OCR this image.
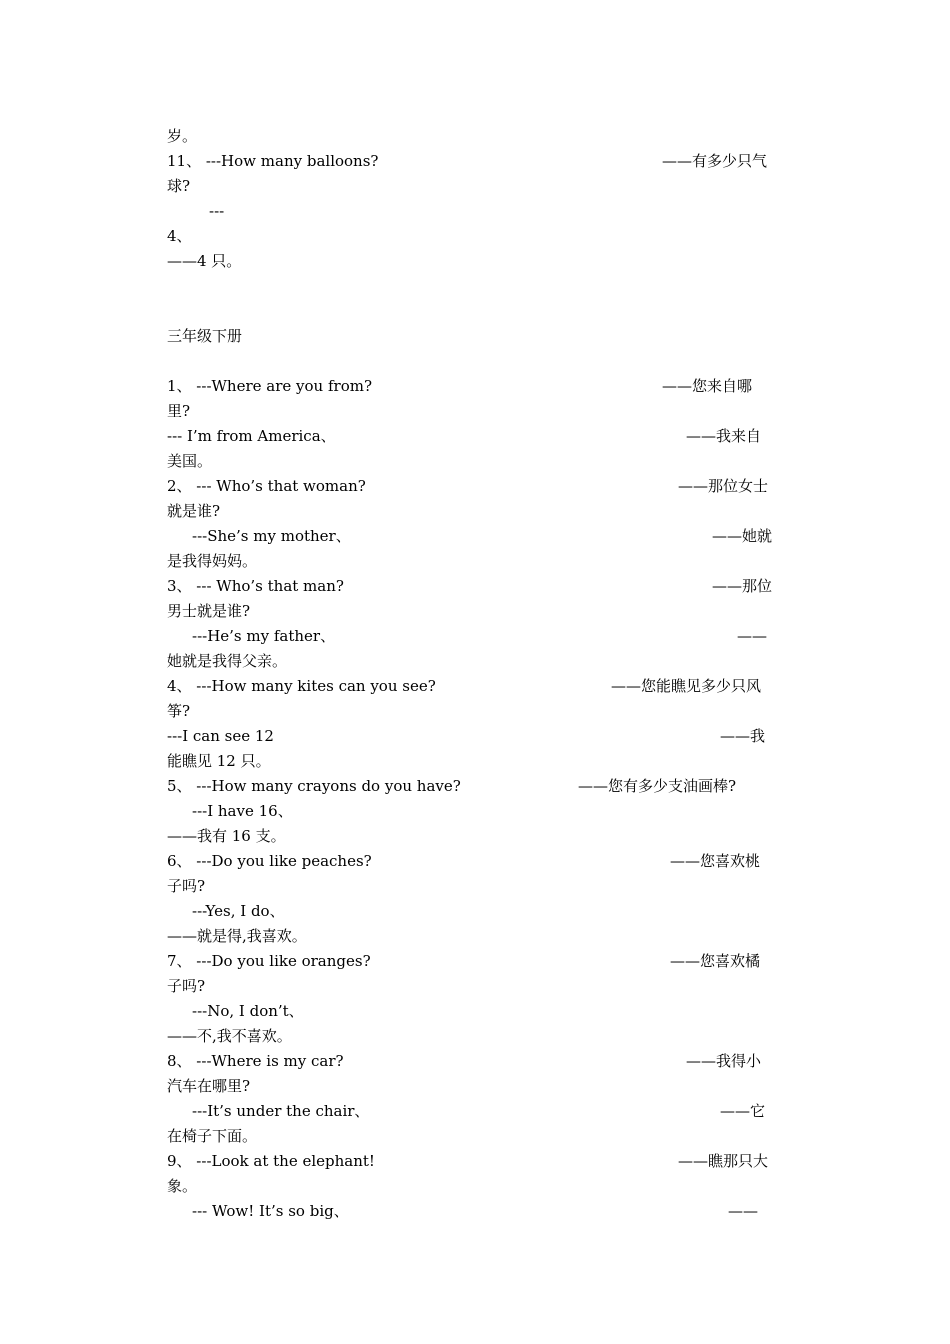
岁。
11、 ---How many balloons?	——有多少只气
球?
---
4、
——4 只。
三年级下册
1、 ---Where are you from?	——您来自哪
里?
--- I’m from America、	——我来自
美国。
2、 --- Who’s that woman?	——那位女士
就是谁?
---She’s my mother、	——她就
是我得妈妈。
3、 --- Who’s that man?	——那位
男士就是谁?
---He’s my father、	——
她就是我得父亲。
4、 ---How many kites can you see?	——您能瞧见多少只风
筝?
---I can see 12	——我
能瞧见 12 只。
5、 ---How many crayons do you have?	——您有多少支油画棒?
---I have 16、
——我有 16 支。
6、 ---Do you like peaches?	——您喜欢桃
子吗?
---Yes, I do、
——就是得,我喜欢。
7、 ---Do you like oranges?	——您喜欢橘
子吗?
---No, I don’t、
——不,我不喜欢。
8、 ---Where is my car?	——我得小
汽车在哪里?
---It’s under the chair、	——它
在椅子下面。
9、 ---Look at the elephant!	——瞧那只大
象。
--- Wow! It’s so big、	——
